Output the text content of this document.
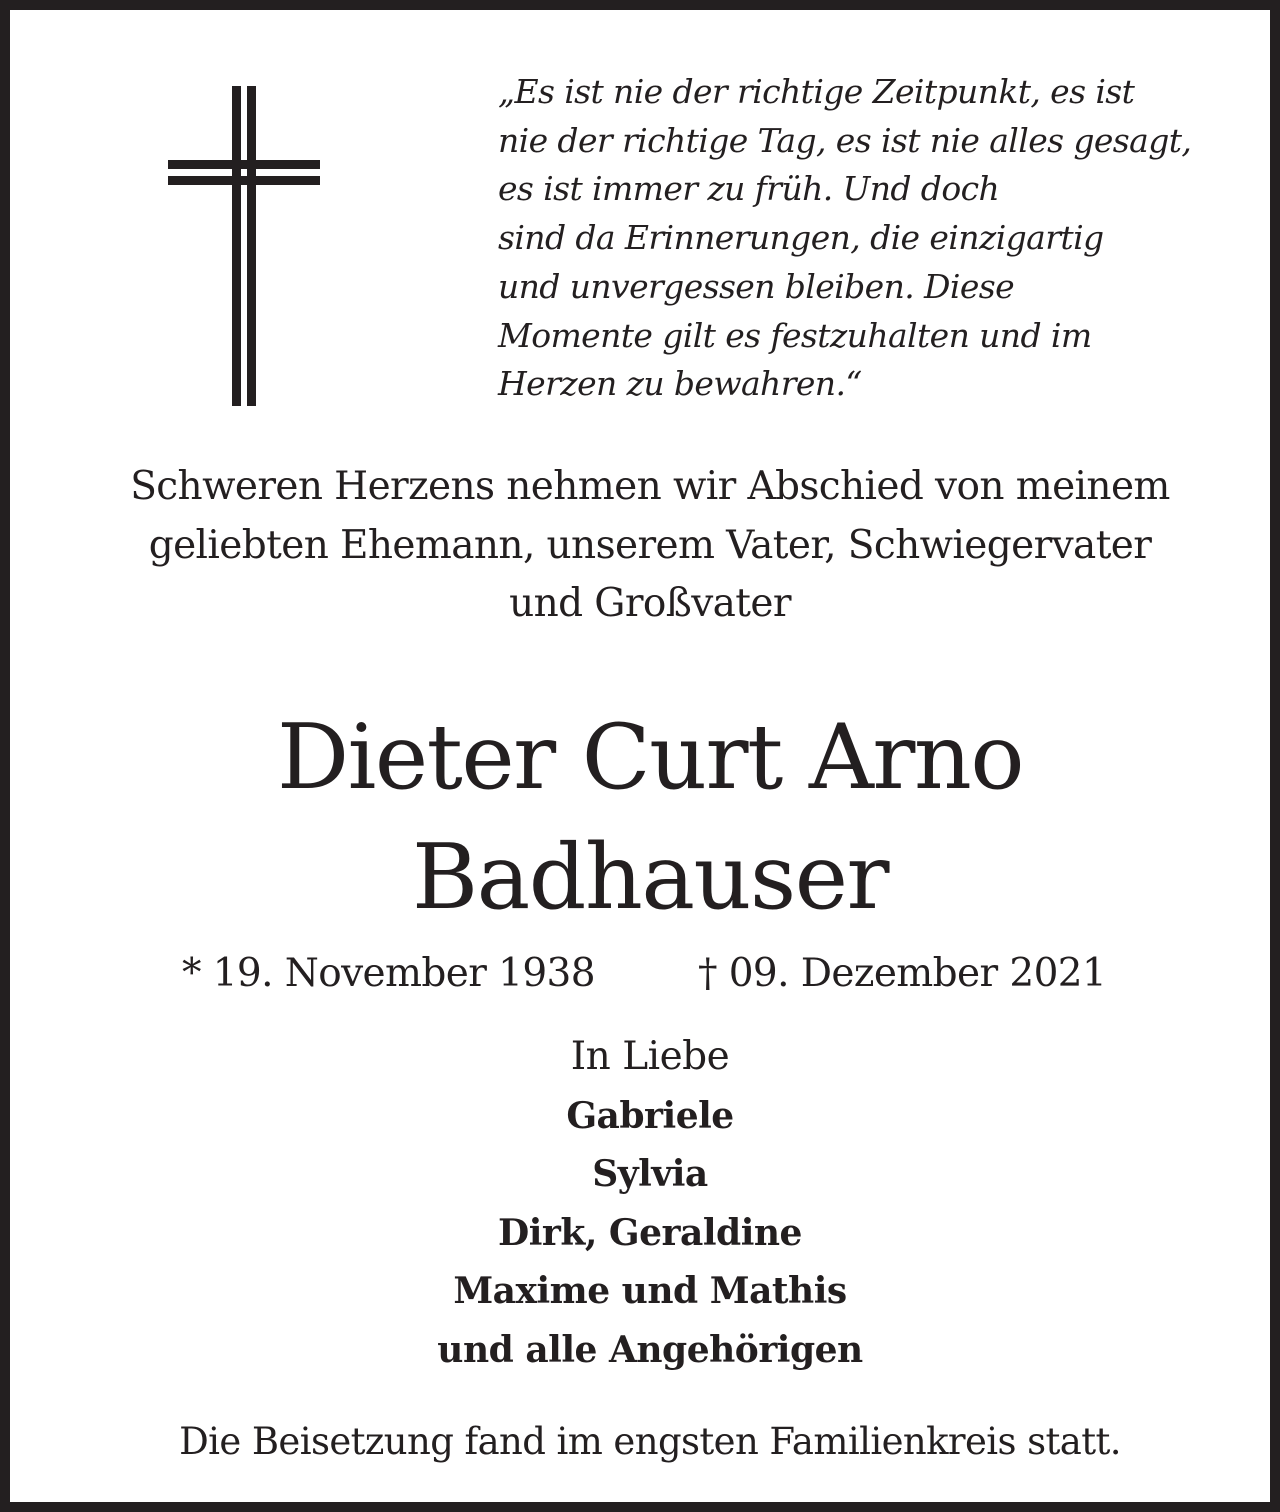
„Es ist nie der richtige Zeitpunkt, es ist
nie der richtige Tag, es ist nie alles gesagt,
es ist immer zu früh. Und doch
sind da Erinnerungen, die einzigartig
und unvergessen bleiben. Diese
Momente gilt es festzuhalten und im
Herzen zu bewahren.“
Schweren Herzens nehmen wir Abschied von meinem
geliebten Ehemann, unserem Vater, Schwiegervater
und Großvater
Dieter Curt Arno
Badhauser
* 19. November 1938	† 09. Dezember 2021
In Liebe
Gabriele
Sylvia
Dirk, Geraldine
Maxime und Mathis
und alle Angehörigen
Die Beisetzung fand im engsten Familienkreis statt.
